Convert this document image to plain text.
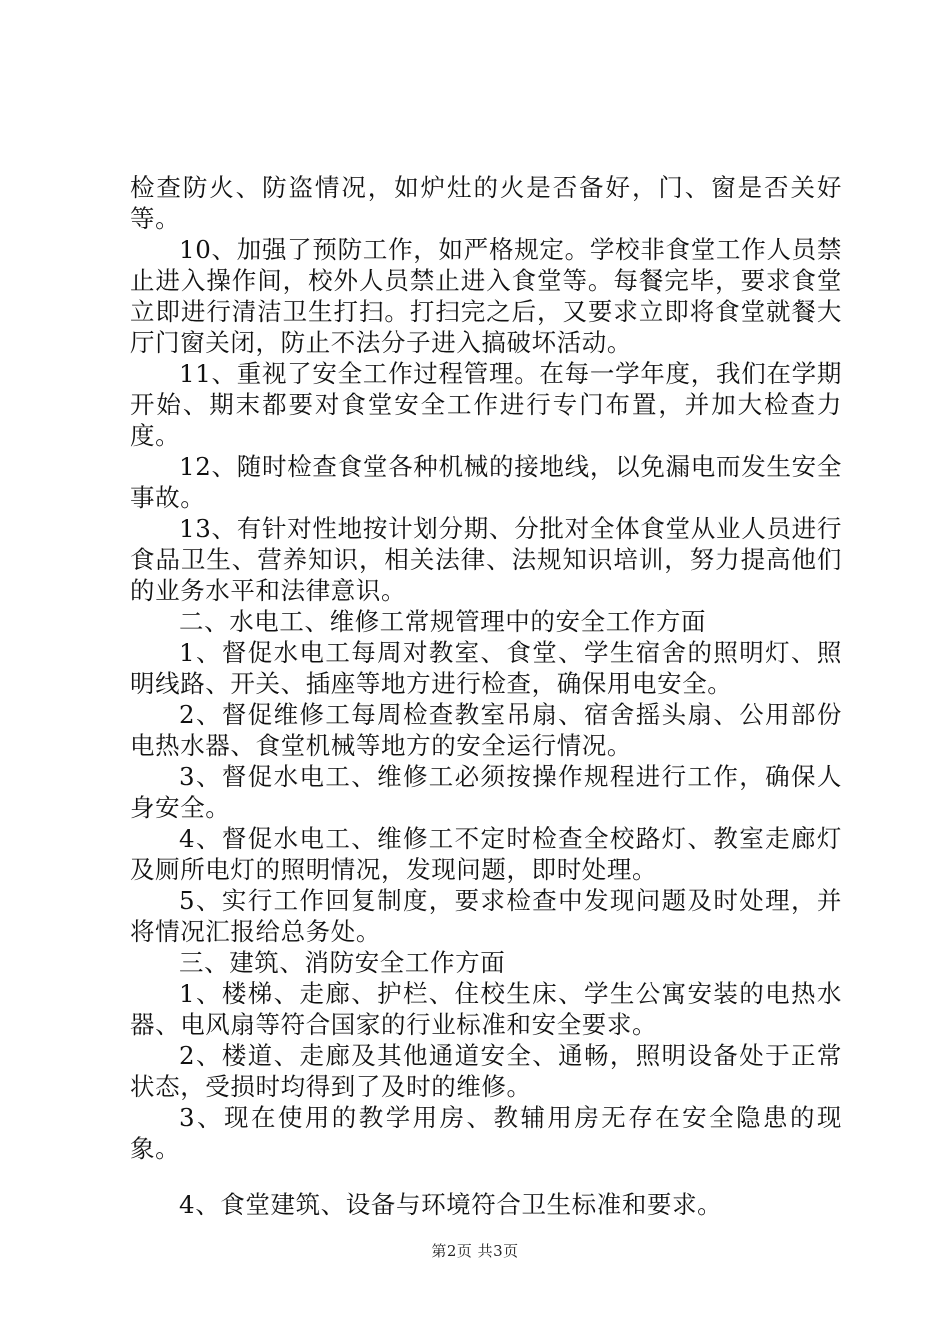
检查防火、防盗情况，如炉灶的火是否备好，门、窗是否关好等。

10、加强了预防工作，如严格规定。学校非食堂工作人员禁止进入操作间，校外人员禁止进入食堂等。每餐完毕，要求食堂立即进行清洁卫生打扫。打扫完之后，又要求立即将食堂就餐大厅门窗关闭，防止不法分子进入搞破坏活动。

11、重视了安全工作过程管理。在每一学年度，我们在学期开始、期末都要对食堂安全工作进行专门布置，并加大检查力度。

12、随时检查食堂各种机械的接地线，以免漏电而发生安全事故。

13、有针对性地按计划分期、分批对全体食堂从业人员进行食品卫生、营养知识，相关法律、法规知识培训，努力提高他们的业务水平和法律意识。

二、水电工、维修工常规管理中的安全工作方面

1、督促水电工每周对教室、食堂、学生宿舍的照明灯、照明线路、开关、插座等地方进行检查，确保用电安全。

2、督促维修工每周检查教室吊扇、宿舍摇头扇、公用部份电热水器、食堂机械等地方的安全运行情况。

3、督促水电工、维修工必须按操作规程进行工作，确保人身安全。

4、督促水电工、维修工不定时检查全校路灯、教室走廊灯及厕所电灯的照明情况，发现问题，即时处理。

5、实行工作回复制度，要求检查中发现问题及时处理，并将情况汇报给总务处。

三、建筑、消防安全工作方面

1、楼梯、走廊、护栏、住校生床、学生公寓安装的电热水器、电风扇等符合国家的行业标准和安全要求。

2、楼道、走廊及其他通道安全、通畅，照明设备处于正常状态，受损时均得到了及时的维修。

3、现在使用的教学用房、教辅用房无存在安全隐患的现象。

4、食堂建筑、设备与环境符合卫生标准和要求。

第2页 共3页
